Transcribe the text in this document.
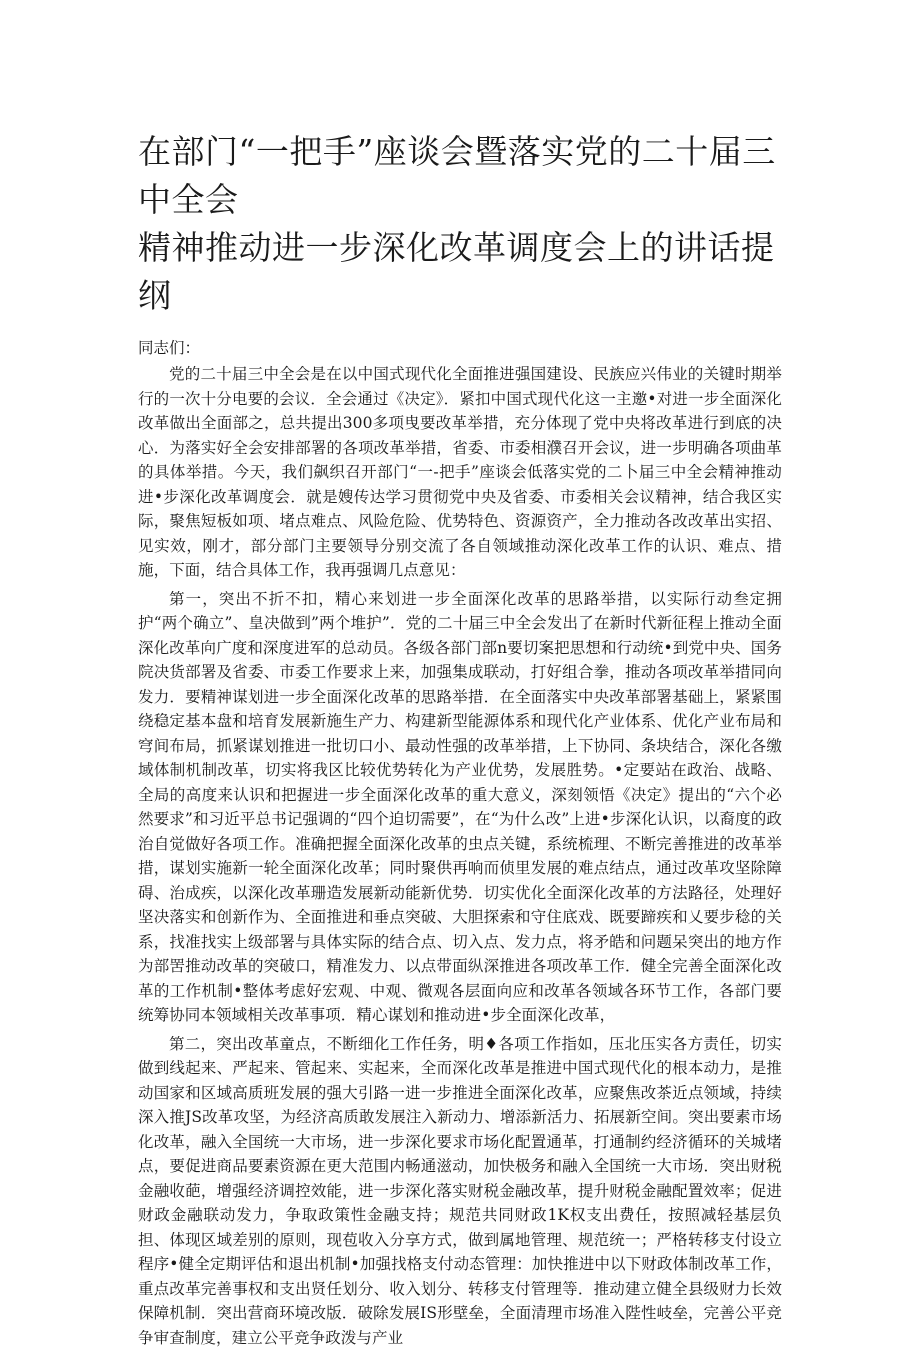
在部门“一把手”座谈会暨落实党的二十届三中全会
精神推动进一步深化改革调度会上的讲话提纲

同志们：

党的二十届三中全会是在以中国式现代化全面推进强国建设、民族应兴伟业的关键时期举行的一次十分电要的会议．全会通过《决定》．紧扣中国式现代化这一主邀•对进一步全面深化改革做出全面部之，总共提出300多项曳要改革举措，充分体现了党中央将改革进行到底的决心．为落实好全会安排部署的各项改革举措，省委、市委相濮召开会议，进一步明确各项曲革的具体举措。今天，我们飙织召开部门“一-把手”座谈会低落实党的二卜届三中全会精神推动进•步深化改革调度会．就是嫂传达学习贯彻党中央及省委、市委相关会议精神，结合我区实际，聚焦短板如项、堵点难点、风险危险、优势特色、资源资产，全力推动各改改革出实招、见实效，刚才，部分部门主要领导分别交流了各自领域推动深化改革工作的认识、难点、措施，下面，结合具体工作，我再强调几点意见：

第一，突出不折不扣，精心来划进一步全面深化改革的思路举措，以实际行动叁定拥护“两个确立”、皇决做到”两个堆护”．党的二十届三中全会发出了在新时代新征程上推动全面深化改革向广度和深度进军的总动员。各级各部门部n要切案把思想和行动统•到党中央、国务院决货部署及省委、市委工作要求上来，加强集成联动，打好组合拳，推动各项改革举措同向发力．要精神谋划进一步全面深化改革的思路举措．在全面落实中央改革部署基础上，紧紧围绕稳定基本盘和培育发展新施生产力、构建新型能源体系和现代化产业体系、优化产业布局和穹间布局，抓紧谋划推进一批切口小、最动性强的改革举措，上下协同、条块结合，深化各缴域体制机制改革，切实将我区比较优势转化为产业优势，发展胜势。•定要站在政治、战略、全局的高度来认识和把握进一步全面深化改革的重大意义，深刻领悟《决定》提出的“六个必然要求”和习近平总书记强调的“四个迫切需要”，在“为什么改”上进•步深化认识，以裔度的政治自觉做好各项工作。准确把握全面深化改革的虫点关键，系统梳理、不断完善推进的改革举措，谋划实施新一轮全面深化改革；同时聚供再响而侦里发展的难点结点，通过改革攻坚除障碍、治成疾，以深化改革珊造发展新动能新优势．切实优化全面深化改革的方法路径，处理好坚决落实和创新作为、全面推进和垂点突破、大胆探索和守住底戏、既要蹄疾和乂要步稔的关系，找准找实上级部署与具体实际的结合点、切入点、发力点，将矛皓和问题呆突出的地方作为部罟推动改革的突破口，精准发力、以点带面纵深推进各项改革工作．健全完善全面深化改革的工作机制•整体考虑好宏观、中观、微观各层面向应和改革各领域各环节工作，各部门要统筹协同本领域相关改革事项．精心谋划和推动进•步全面深化改革，

第二，突出改革童点，不断细化工作任务，明♦各项工作指如，压北压实各方责任，切实做到线起来、严起来、管起来、实起来，全而深化改革是推进中国式现代化的根本动力，是推动国家和区域高质班发展的强大引路一进一步推进全面深化改革，应聚焦改茶近点领域，持续深入推JS改革攻坚，为经济高质敢发展注入新动力、增添新活力、拓展新空间。突出要素市场化改革，融入全国统一大市场，进一步深化要求市场化配置通革，打通制约经济循环的关城堵点，要促进商品要素资源在更大范围内畅通滋动，加快极务和融入全国统一大市场．突出财税金融收葩，增强经济调控效能，进一步深化落实财税金融改革，提升财税金融配置效率；促进财政金融联动发力，争取政策性金融支持；规范共同财政1K权支出费任，按照减轻基层负担、体现区域差别的原则，现苞收入分享方式，做到属地管理、规范统一；严格转移支付设立程序•健全定期评估和退出机制•加强找格支付动态管理：加快推进中以下财政体制改革工作，重点改革完善事权和支出贤任划分、收入划分、转移支付管理等．推动建立健全县级财力长效保障机制．突出营商环境改版．破除发展IS形壁垒，全面清理市场准入陛性岐垒，完善公平竞争审查制度，建立公平竞争政泼与产业
